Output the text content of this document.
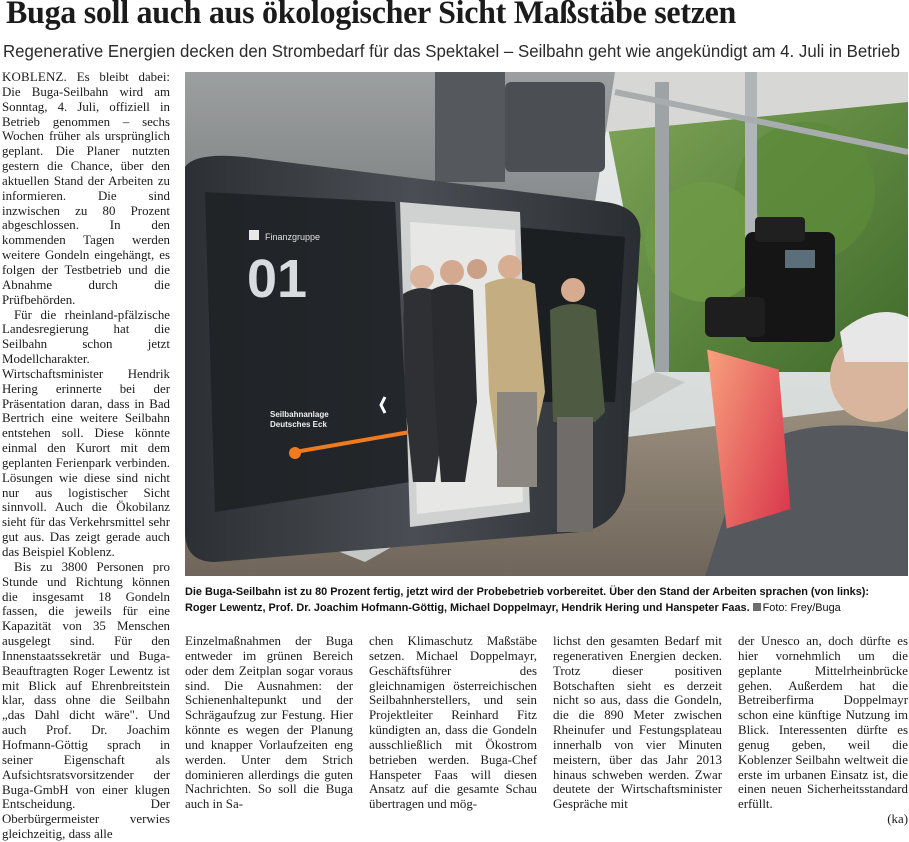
Buga soll auch aus ökologischer Sicht Maßstäbe setzen
Regenerative Energien decken den Strombedarf für das Spektakel – Seilbahn geht wie angekündigt am 4. Juli in Betrieb

KOBLENZ. Es bleibt dabei: Die Buga-Seilbahn wird am Sonntag, 4. Juli, offiziell in Betrieb genommen – sechs Wochen früher als ursprünglich geplant. Die Planer nutzten gestern die Chance, über den aktuellen Stand der Arbeiten zu informieren. Die sind inzwischen zu 80 Prozent abgeschlossen. In den kommenden Tagen werden weitere Gondeln eingehängt, es folgen der Testbetrieb und die Abnahme durch die Prüfbehörden.

Für die rheinland-pfälzische Landesregierung hat die Seilbahn schon jetzt Modellcharakter. Wirtschaftsminister Hendrik Hering erinnerte bei der Präsentation daran, dass in Bad Bertrich eine weitere Seilbahn entstehen soll. Diese könnte einmal den Kurort mit dem geplanten Ferienpark verbinden. Lösungen wie diese sind nicht nur aus logistischer Sicht sinnvoll. Auch die Ökobilanz sieht für das Verkehrsmittel sehr gut aus. Das zeigt gerade auch das Beispiel Koblenz.

Bis zu 3800 Personen pro Stunde und Richtung können die insgesamt 18 Gondeln fassen, die jeweils für eine Kapazität von 35 Menschen ausgelegt sind. Für den Innenstaatssekretär und Buga-Beauftragten Roger Lewentz ist mit Blick auf Ehrenbreitstein klar, dass ohne die Seilbahn „das Dahl dicht wäre". Und auch Prof. Dr. Joachim Hofmann-Göttig sprach in seiner Eigenschaft als Aufsichtsratsvorsitzender der Buga-GmbH von einer klugen Entscheidung. Der Oberbürgermeister verwies gleichzeitig, dass alle

01
Finanzgruppe
Seilbahnanlage
Deutsches Eck
Die Buga-Seilbahn ist zu 80 Prozent fertig, jetzt wird der Probebetrieb vorbereitet. Über den Stand der Arbeiten sprachen (von links):
Roger Lewentz, Prof. Dr. Joachim Hofmann-Göttig, Michael Doppelmayr, Hendrik Hering und Hanspeter Faas. Foto: Frey/Buga

Einzelmaßnahmen der Buga entweder im grünen Bereich oder dem Zeitplan sogar voraus sind. Die Ausnahmen: der Schienenhaltepunkt und der Schrägaufzug zur Festung. Hier könnte es wegen der Planung und knapper Vorlaufzeiten eng werden. Unter dem Strich dominieren allerdings die guten Nachrichten. So soll die Buga auch in Sa-

chen Klimaschutz Maßstäbe setzen. Michael Doppelmayr, Geschäftsführer des gleichnamigen österreichischen Seilbahnherstellers, und sein Projektleiter Reinhard Fitz kündigten an, dass die Gondeln ausschließlich mit Ökostrom betrieben werden. Buga-Chef Hanspeter Faas will diesen Ansatz auf die gesamte Schau übertragen und mög-

lichst den gesamten Bedarf mit regenerativen Energien decken. Trotz dieser positiven Botschaften sieht es derzeit nicht so aus, dass die Gondeln, die die 890 Meter zwischen Rheinufer und Festungsplateau innerhalb von vier Minuten meistern, über das Jahr 2013 hinaus schweben werden. Zwar deutete der Wirtschaftsminister Gespräche mit

der Unesco an, doch dürfte es hier vornehmlich um die geplante Mittelrheinbrücke gehen. Außerdem hat die Betreiberfirma Doppelmayr schon eine künftige Nutzung im Blick. Interessenten dürfte es genug geben, weil die Koblenzer Seilbahn weltweit die erste im urbanen Einsatz ist, die einen neuen Sicherheitsstandard erfüllt.

(ka)
